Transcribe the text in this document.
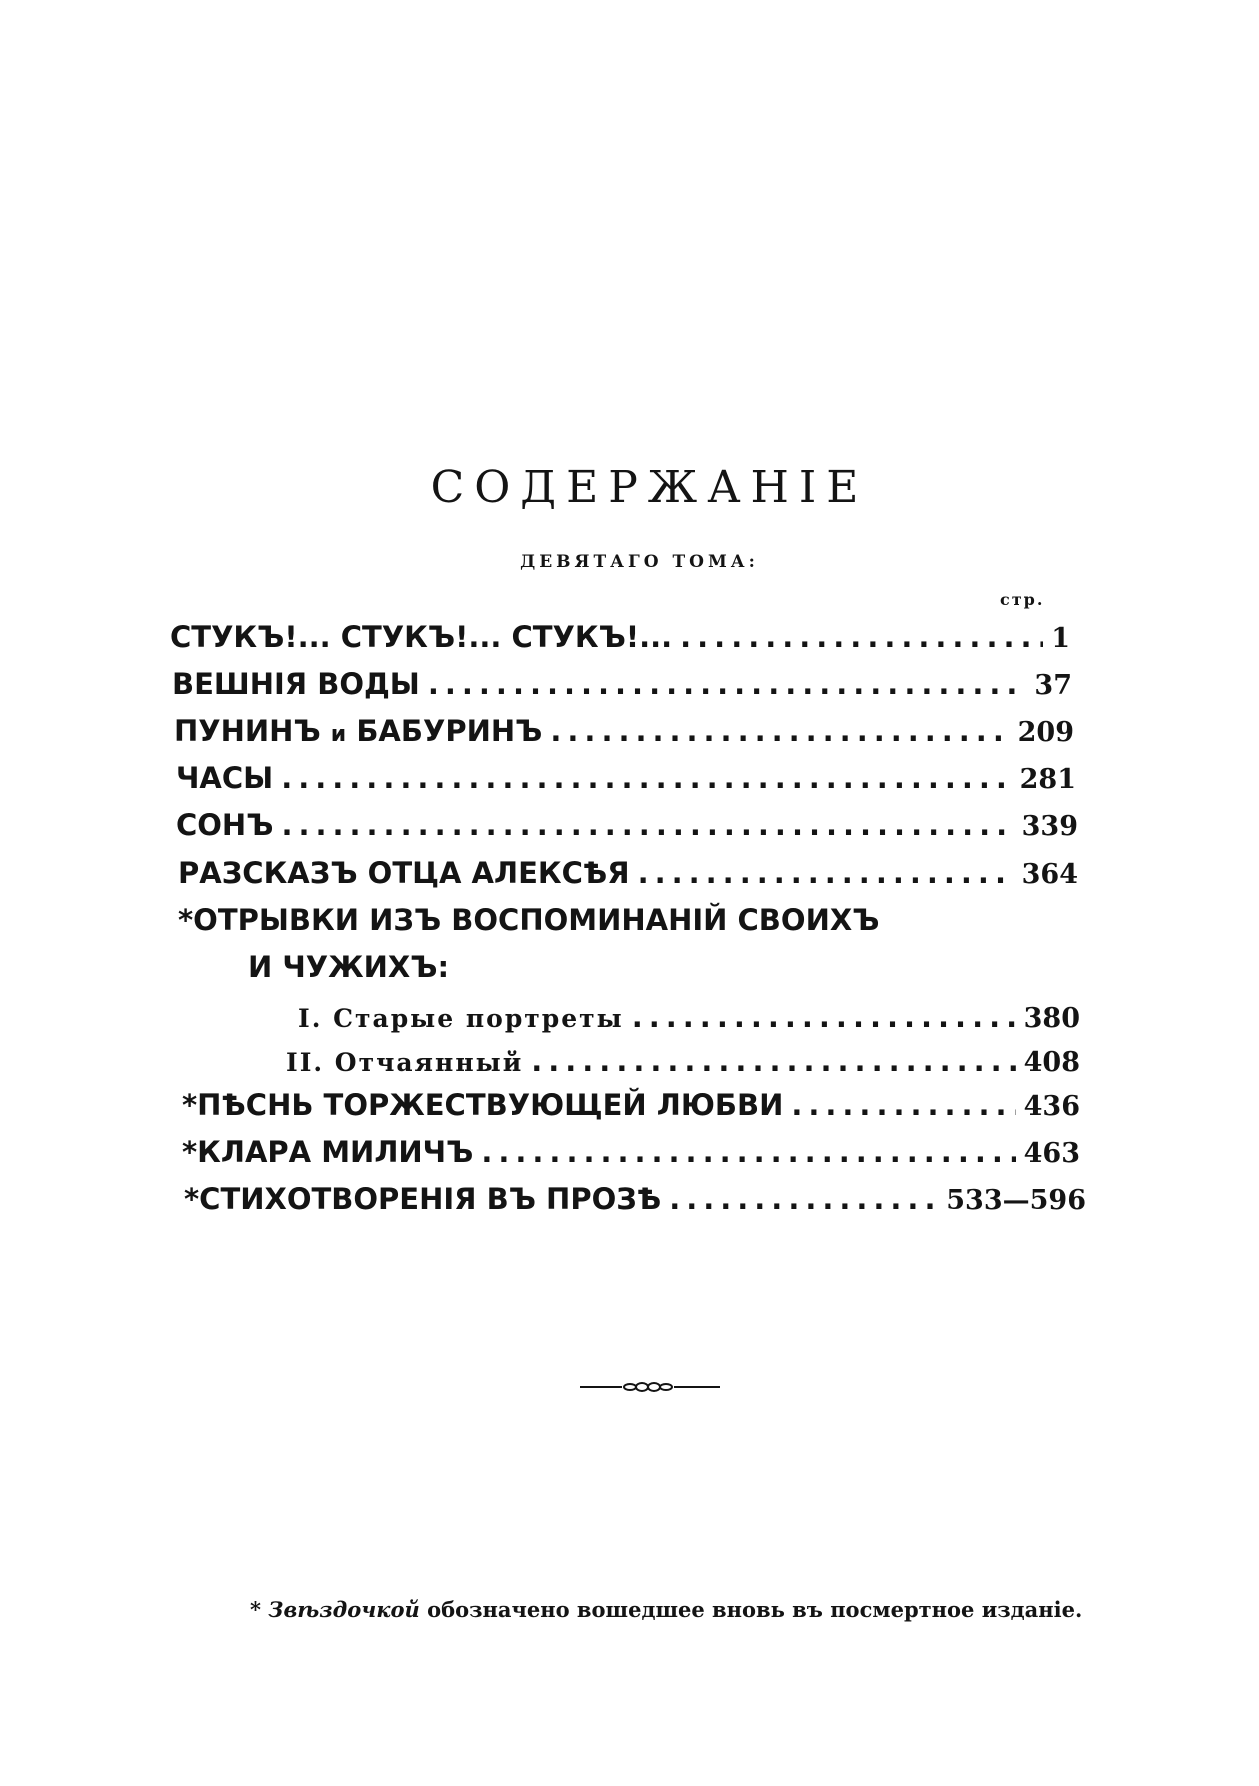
СОДЕРЖАНІЕ
ДЕВЯТАГО ТОМА:
стр.
СТУКЪ!... СТУКЪ!... СТУКЪ!... .....	1
ВЕШНІЯ ВОДЫ .....	37
ПУНИНЪ и БАБУРИНЪ .....	209
ЧАСЫ .....	281
СОНЪ .....	339
РАЗСКАЗЪ ОТЦА АЛЕКСѢЯ .....	364
*ОТРЫВКИ ИЗЪ ВОСПОМИНАНІЙ СВОИХЪ
И ЧУЖИХЪ:
I. Старые портреты .....	380
II. Отчаянный .....	408
*ПѢСНЬ ТОРЖЕСТВУЮЩЕЙ ЛЮБВИ .....	436
*КЛАРА МИЛИЧЪ .....	463
*СТИХОТВОРЕНІЯ ВЪ ПРОЗѢ .....	533—596
* Звѣздочкой обозначено вошедшее вновь въ посмертное изданіе.
